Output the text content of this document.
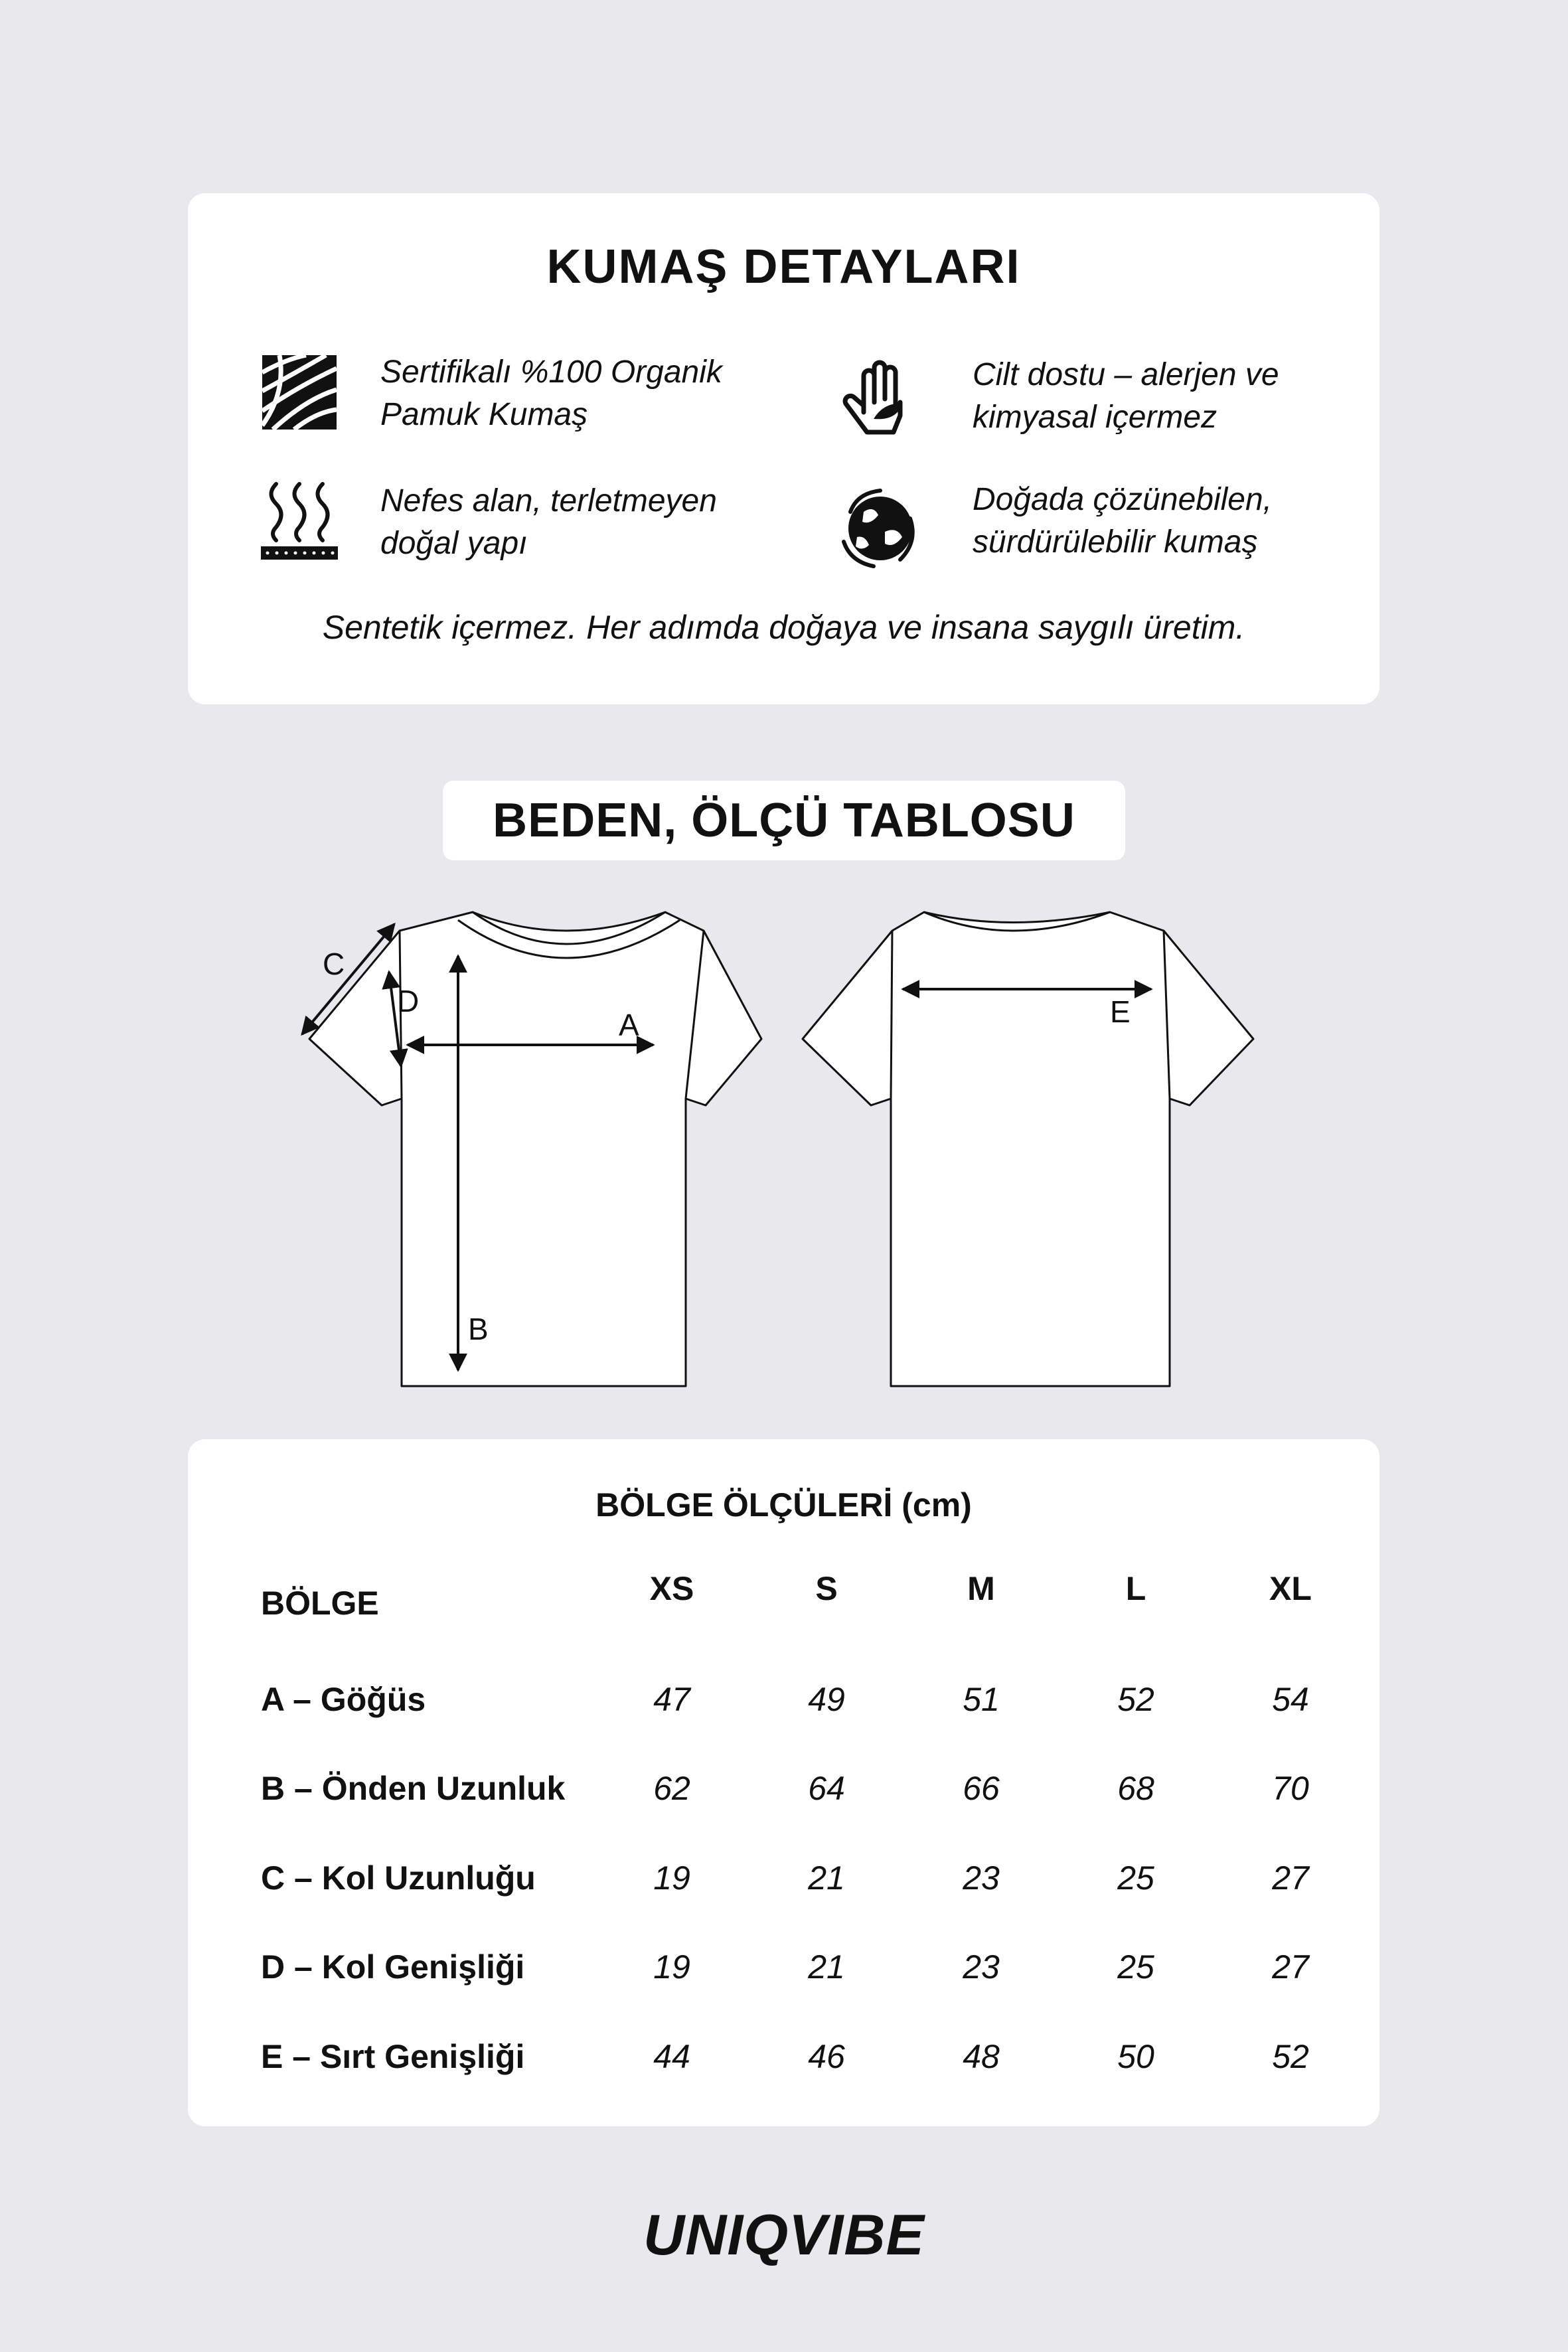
KUMAŞ DETAYLARI
Sertifikalı %100 Organik
Pamuk Kumaş
Cilt dostu – alerjen ve
kimyasal içermez
Nefes alan, terletmeyen
doğal yapı
Doğada çözünebilen,
sürdürülebilir kumaş
Sentetik içermez. Her adımda doğaya ve insana saygılı üretim.
BEDEN, ÖLÇÜ TABLOSU
A
B
C
D	E
BÖLGE ÖLÇÜLERİ (cm)
BÖLGE	XS	S	M	L	XL
A – Göğüs	47	49	51	52	54
B – Önden Uzunluk	62	64	66	68	70
C – Kol Uzunluğu	19	21	23	25	27
D – Kol Genişliği	19	21	23	25	27
E – Sırt Genişliği	44	46	48	50	52
UNIQVIBE
